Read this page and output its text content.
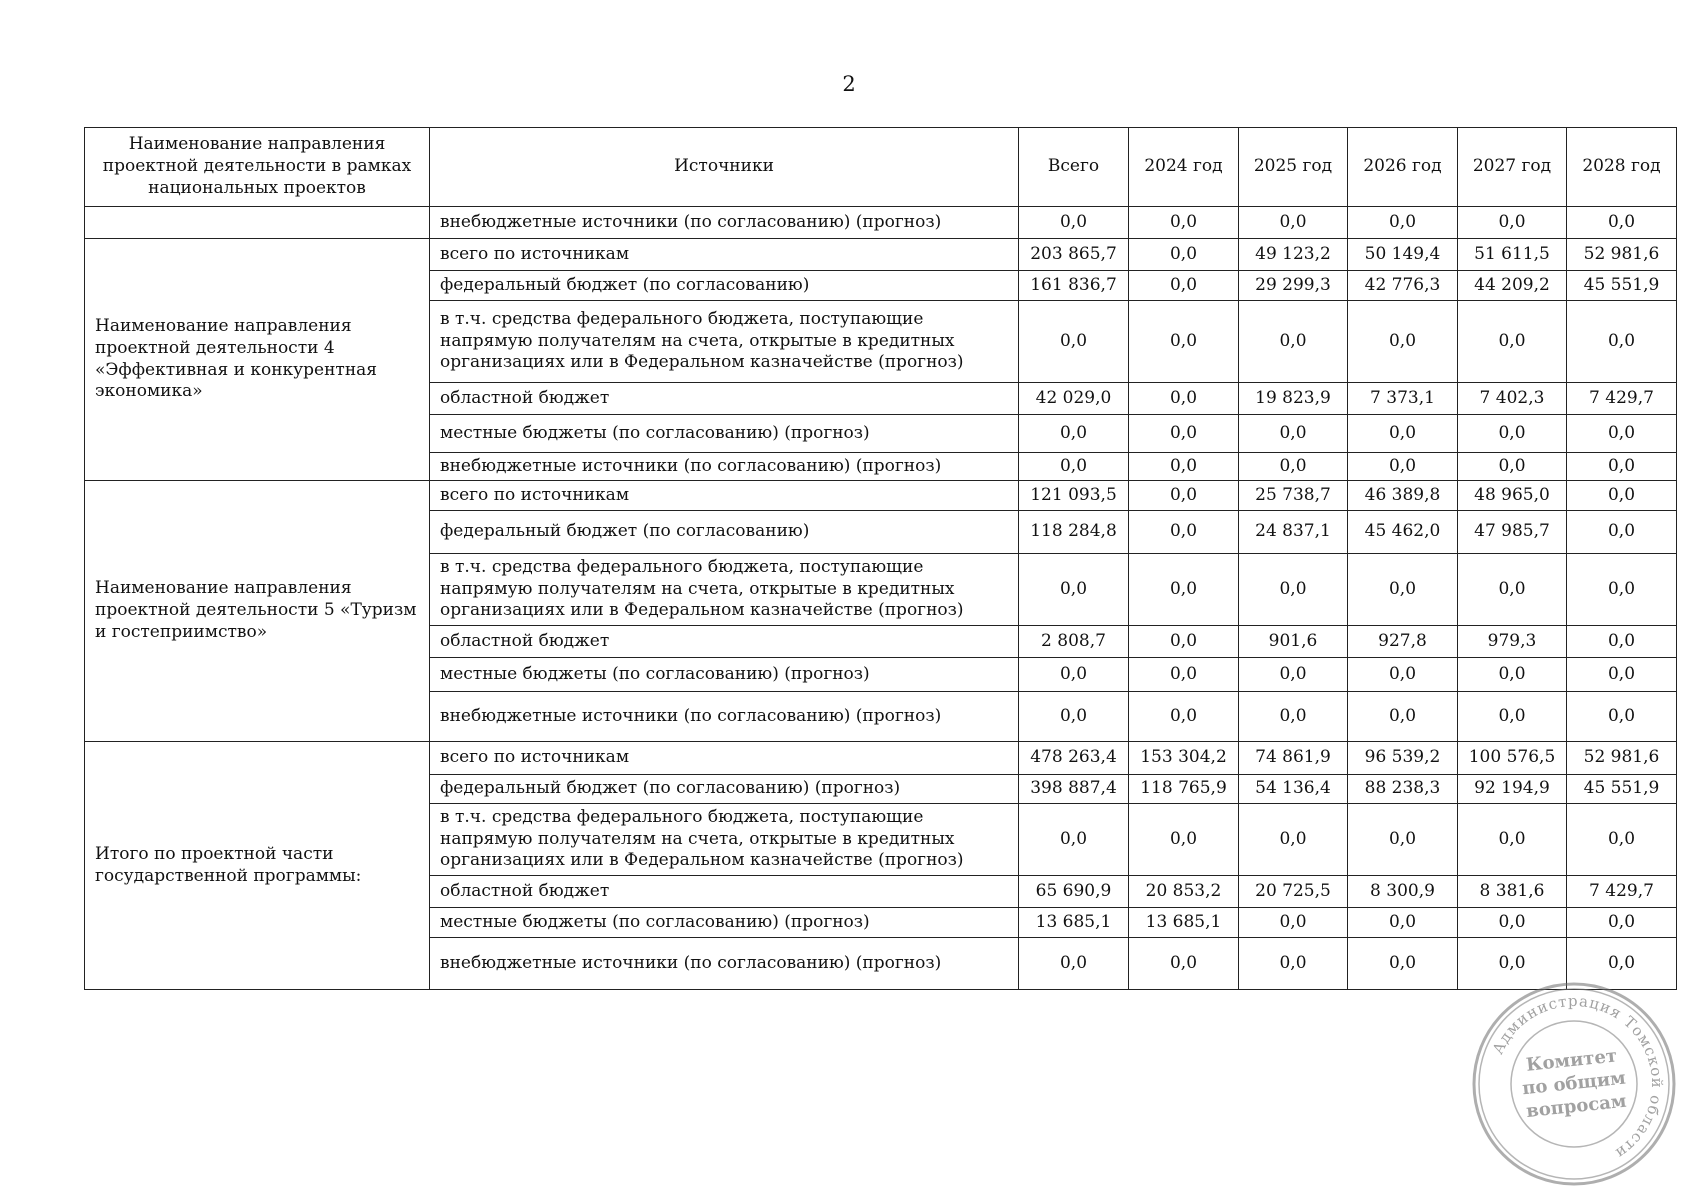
2
Наименование направления проектной деятельности в рамках национальных проектов	Источники	Всего	2024 год	2025 год	2026 год	2027 год	2028 год
	внебюджетные источники (по согласованию) (прогноз)	0,0	0,0	0,0	0,0	0,0	0,0
Наименование направления проектной деятельности 4 «Эффективная и конкурентная экономика»	всего по источникам	203 865,7	0,0	49 123,2	50 149,4	51 611,5	52 981,6
	федеральный бюджет (по согласованию)	161 836,7	0,0	29 299,3	42 776,3	44 209,2	45 551,9
	в т.ч. средства федерального бюджета, поступающие напрямую получателям на счета, открытые в кредитных организациях или в Федеральном казначействе (прогноз)	0,0	0,0	0,0	0,0	0,0	0,0
	областной бюджет	42 029,0	0,0	19 823,9	7 373,1	7 402,3	7 429,7
	местные бюджеты (по согласованию) (прогноз)	0,0	0,0	0,0	0,0	0,0	0,0
	внебюджетные источники (по согласованию) (прогноз)	0,0	0,0	0,0	0,0	0,0	0,0
Наименование направления проектной деятельности 5 «Туризм и гостеприимство»	всего по источникам	121 093,5	0,0	25 738,7	46 389,8	48 965,0	0,0
	федеральный бюджет (по согласованию)	118 284,8	0,0	24 837,1	45 462,0	47 985,7	0,0
	в т.ч. средства федерального бюджета, поступающие напрямую получателям на счета, открытые в кредитных организациях или в Федеральном казначействе (прогноз)	0,0	0,0	0,0	0,0	0,0	0,0
	областной бюджет	2 808,7	0,0	901,6	927,8	979,3	0,0
	местные бюджеты (по согласованию) (прогноз)	0,0	0,0	0,0	0,0	0,0	0,0
	внебюджетные источники (по согласованию) (прогноз)	0,0	0,0	0,0	0,0	0,0	0,0
Итого по проектной части государственной программы:	всего по источникам	478 263,4	153 304,2	74 861,9	96 539,2	100 576,5	52 981,6
	федеральный бюджет (по согласованию) (прогноз)	398 887,4	118 765,9	54 136,4	88 238,3	92 194,9	45 551,9
	в т.ч. средства федерального бюджета, поступающие напрямую получателям на счета, открытые в кредитных организациях или в Федеральном казначействе (прогноз)	0,0	0,0	0,0	0,0	0,0	0,0
	областной бюджет	65 690,9	20 853,2	20 725,5	8 300,9	8 381,6	7 429,7
	местные бюджеты (по согласованию) (прогноз)	13 685,1	13 685,1	0,0	0,0	0,0	0,0
	внебюджетные источники (по согласованию) (прогноз)	0,0	0,0	0,0	0,0	0,0	0,0
Администрация Томской области
Комитет
по общим
вопросам
